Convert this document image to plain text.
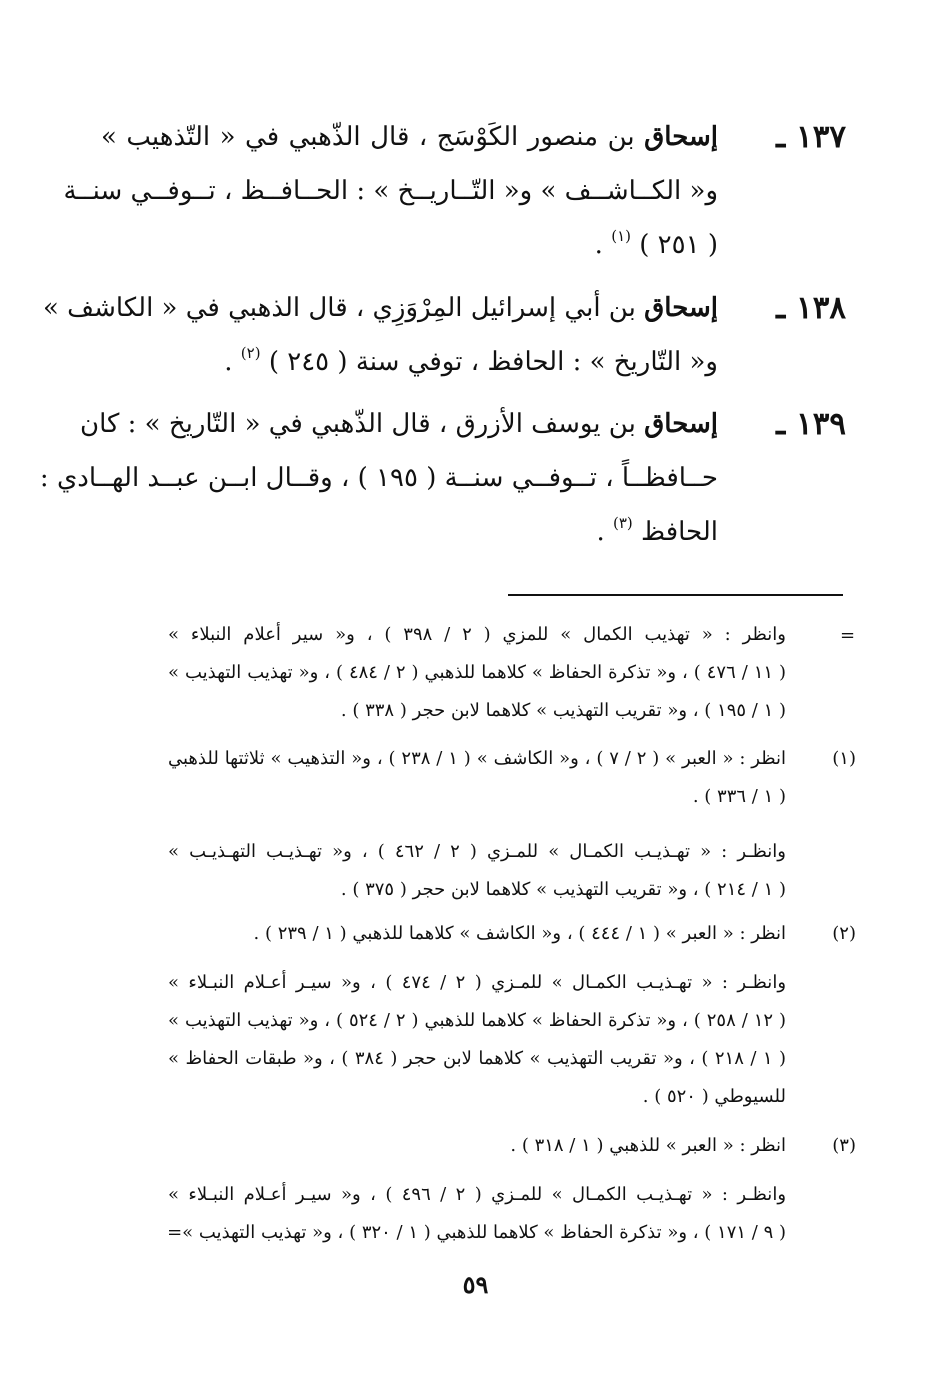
١٣٧ ـ
إسحاق بن منصور الكَوْسَج ، قال الذّهبي في « التّذهيب »
و« الكــاشــف » و« التّــاريــخ » : الحــافــظ ، تــوفــي سنــة
( ٢٥١ ) $^{(١)}$ .
١٣٨ ـ
إسحاق بن أبي إسرائيل المِرْوَزِي ، قال الذهبي في « الكاشف »
و« التّاريخ » : الحافظ ، توفي سنة ( ٢٤٥ ) $^{(٢)}$ .
١٣٩ ـ
إسحاق بن يوسف الأزرق ، قال الذّهبي في « التّاريخ » : كان
حــافظــاً ، تــوفــي سنــة ( ١٩٥ ) ، وقــال ابــن عبــد الهــادي :
الحافظ $^{(٣)}$ .
=
وانظر : « تهذيب الكمال » للمزي ( ٢ / ٣٩٨ ) ، و« سير أعلام النبلاء »
( ١١ / ٤٧٦ ) ، و« تذكرة الحفاظ » كلاهما للذهبي ( ٢ / ٤٨٤ ) ، و« تهذيب التهذيب »
( ١ / ١٩٥ ) ، و« تقريب التهذيب » كلاهما لابن حجر ( ٣٣٨ ) .
(١)
انظر : « العبر » ( ٢ / ٧ ) ، و« الكاشف » ( ١ / ٢٣٨ ) ، و« التذهيب » ثلاثتها للذهبي
( ١ / ٣٣٦ ) .
وانظـر : « تهـذيـب الكمـال » للمـزي ( ٢ / ٤٦٢ ) ، و« تهـذيـب التهـذيـب »
( ١ / ٢١٤ ) ، و« تقريب التهذيب » كلاهما لابن حجر ( ٣٧٥ ) .
(٢)
انظر : « العبر » ( ١ / ٤٤٤ ) ، و« الكاشف » كلاهما للذهبي ( ١ / ٢٣٩ ) .
وانظـر : « تهـذيـب الكمـال » للمـزي ( ٢ / ٤٧٤ ) ، و« سيـر أعـلام النبـلاء »
( ١٢ / ٢٥٨ ) ، و« تذكرة الحفاظ » كلاهما للذهبي ( ٢ / ٥٢٤ ) ، و« تهذيب التهذيب »
( ١ / ٢١٨ ) ، و« تقريب التهذيب » كلاهما لابن حجر ( ٣٨٤ ) ، و« طبقات الحفاظ »
للسيوطي ( ٥٢٠ ) .
(٣)
انظر : « العبر » للذهبي ( ١ / ٣١٨ ) .
وانظـر : « تهـذيـب الكمـال » للمـزي ( ٢ / ٤٩٦ ) ، و« سيـر أعـلام النبـلاء »
( ٩ / ١٧١ ) ، و« تذكرة الحفاظ » كلاهما للذهبي ( ١ / ٣٢٠ ) ، و« تهذيب التهذيب »=
٥٩
